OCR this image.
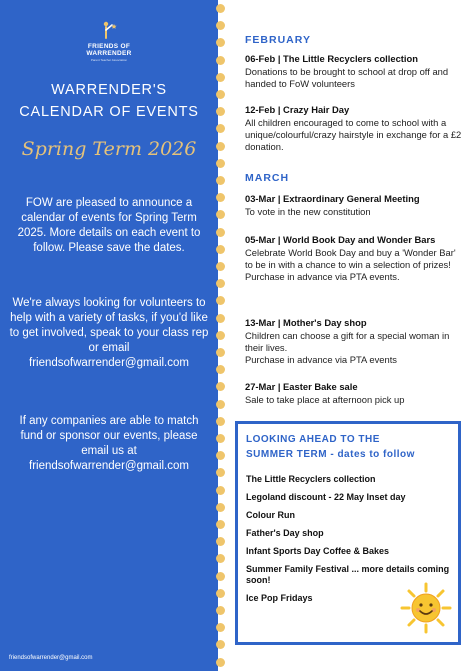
FRIENDS OF
WARRENDER
Parent Teacher Association
WARRENDER'S
CALENDAR OF EVENTS
Spring Term 2026
FOW are pleased to announce a calendar of events for Spring Term 2025. More details on each event to follow. Please save the dates.
We're always looking for volunteers to help with a variety of tasks, if you'd like to get involved, speak to your class rep or email friendsofwarrender@gmail.com
If any companies are able to match fund or sponsor our events, please email us at friendsofwarrender@gmail.com
friendsofwarrender@gmail.com
FEBRUARY
06-Feb | The Little Recyclers collection
Donations to be brought to school at drop off and handed to FoW volunteers
12-Feb | Crazy Hair Day
All children encouraged to come to school with a unique/colourful/crazy hairstyle in exchange for a £2 donation.
MARCH
03-Mar | Extraordinary General Meeting
To vote in the new constitution
05-Mar | World Book Day and Wonder Bars
Celebrate World Book Day and buy a 'Wonder Bar' to be in with a chance to win a selection of prizes! Purchase in advance via PTA events.
13-Mar | Mother's Day shop
Children can choose a gift for a special woman in their lives.
Purchase in advance via PTA events
27-Mar | Easter Bake sale
Sale to take place at afternoon pick up
LOOKING AHEAD TO THE
SUMMER TERM - dates to follow
The Little Recyclers collection
Legoland discount - 22 May Inset day
Colour Run
Father's Day shop
Infant Sports Day Coffee & Bakes
Summer Family Festival ... more details coming soon!
Ice Pop Fridays
